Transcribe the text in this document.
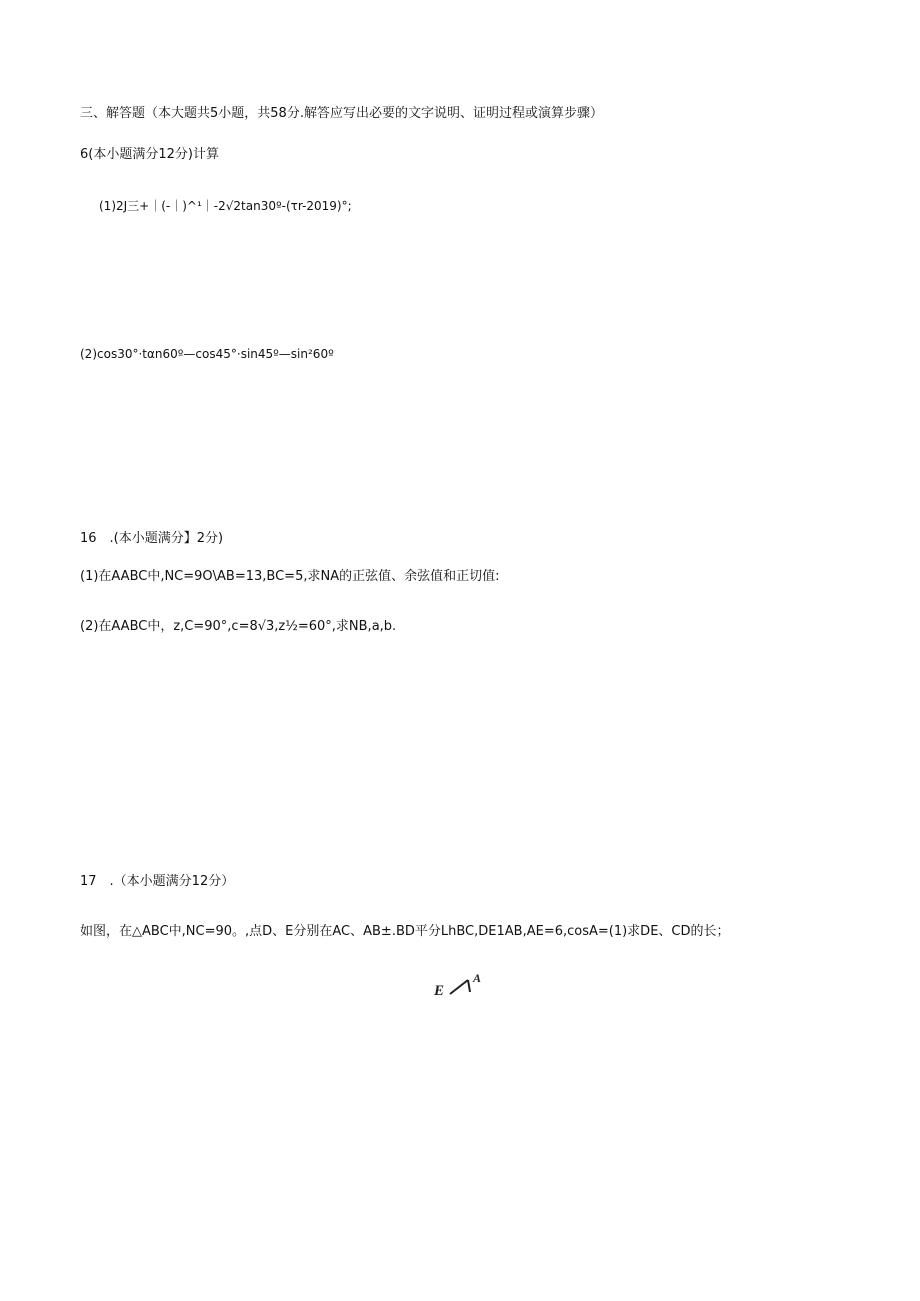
三、解答题（本大题共5小题，共58分.解答应写出必要的文字说明、证明过程或演算步骤）
6(本小题满分12分)计算
(1)2J三+｜(-｜)^¹｜-2√2tan30º-(τr-2019)°;
(2)cos30°·tαn60º—cos45°·sin45º—sin²60º
16　.(本小题满分】2分)
(1)在AABC中,NC=9O\AB=13,BC=5,求NA的正弦值、余弦值和正切值:
(2)在AABC中，z,C=90°,c=8√3,z½=60°,求NB,a,b.
17　.（本小题满分12分）
如图，在△ABC中,NC=90。,点D、E分别在AC、AB±.BD平分LhBC,DE1AB,AE=6,cosA=(1)求DE、CD的长；
E
A
